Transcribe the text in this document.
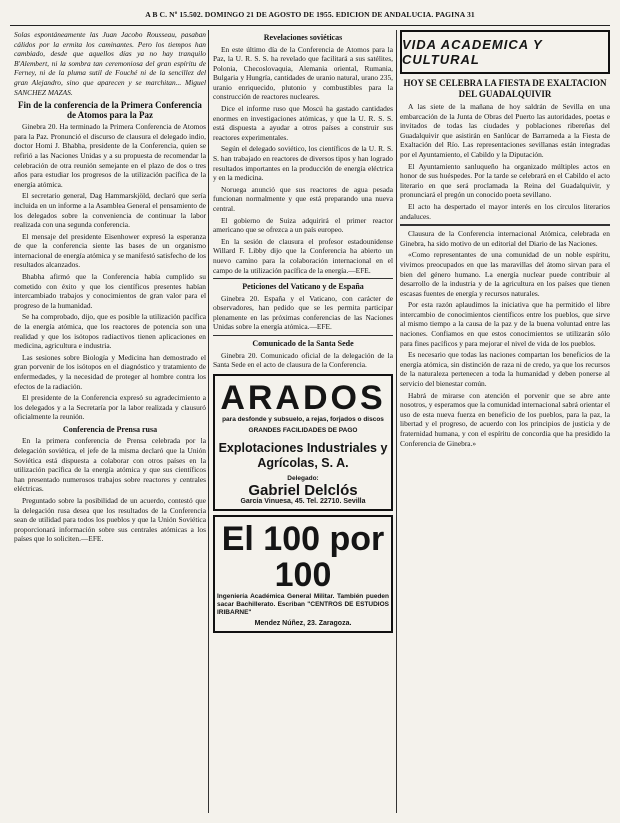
A B C. Nº 15.502. DOMINGO 21 DE AGOSTO DE 1955. EDICION DE ANDALUCIA. PAGINA 31

Solas espontáneamente las Juan Jacobo Rousseau, pasaban cálidos por la ermita los caminantes. Pero los tiempos han cambiado, desde que aquellos días ya no hay tranquilo B'Alembert, ni la sombra tan ceremoniosa del gran espíritu de Ferney, ni de la pluma sutil de Fouché ni de la sencillez del gran Alejandro, sino que aparecen y se marchitan... Miguel SANCHEZ MAZAS.

Fin de la conferencia de la Primera Conferencia de Atomos para la Paz

Ginebra 20. Ha terminado la Primera Conferencia de Atomos para la Paz. Pronunció el discurso de clausura el delegado indio, doctor Homi J. Bhabha, presidente de la Conferencia, quien se refirió a las Naciones Unidas y a su propuesta de recomendar la celebración de otra reunión semejante en el plazo de dos o tres años para estudiar los progresos de la utilización pacífica de la energía atómica.

El secretario general, Dag Hammarskjöld, declaró que sería incluida en un informe a la Asamblea General el pensamiento de los delegados sobre la conveniencia de continuar la labor realizada con una segunda conferencia.

El mensaje del presidente Eisenhower expresó la esperanza de que la conferencia siente las bases de un organismo internacional de energía atómica y se manifestó satisfecho de los resultados alcanzados.

Bhabha afirmó que la Conferencia había cumplido su cometido con éxito y que los científicos presentes habían intercambiado trabajos y conocimientos de gran valor para el progreso de la humanidad.

Se ha comprobado, dijo, que es posible la utilización pacífica de la energía atómica, que los reactores de potencia son una realidad y que los isótopos radiactivos tienen aplicaciones en medicina, agricultura e industria.

Las sesiones sobre Biología y Medicina han demostrado el gran porvenir de los isótopos en el diagnóstico y tratamiento de enfermedades, y la necesidad de proteger al hombre contra los efectos de la radiación.

El presidente de la Conferencia expresó su agradecimiento a los delegados y a la Secretaría por la labor realizada y clausuró oficialmente la reunión.

Conferencia de Prensa rusa

En la primera conferencia de Prensa celebrada por la delegación soviética, el jefe de la misma declaró que la Unión Soviética está dispuesta a colaborar con otros países en la utilización pacífica de la energía atómica y que sus científicos han presentado numerosos trabajos sobre reactores y centrales eléctricas.

Preguntado sobre la posibilidad de un acuerdo, contestó que la delegación rusa desea que los resultados de la Conferencia sean de utilidad para todos los pueblos y que la Unión Soviética proporcionará información sobre sus centrales atómicas a los países que lo soliciten.—EFE.

Revelaciones soviéticas

En este último día de la Conferencia de Atomos para la Paz, la U. R. S. S. ha revelado que facilitará a sus satélites, Polonia, Checoslovaquia, Alemania oriental, Rumania, Bulgaria y Hungría, cantidades de uranio natural, urano 235, uranio enriquecido, plutonio y combustibles para la construcción de reactores nucleares.

Dice el informe ruso que Moscú ha gastado cantidades enormes en investigaciones atómicas, y que la U. R. S. S. está dispuesta a ayudar a otros países a construir sus reactores experimentales.

Según el delegado soviético, los científicos de la U. R. S. S. han trabajado en reactores de diversos tipos y han logrado resultados importantes en la producción de energía eléctrica y en la medicina.

Noruega anunció que sus reactores de agua pesada funcionan normalmente y que está preparando una nueva central.

El gobierno de Suiza adquirirá el primer reactor americano que se ofrezca a un país europeo.

En la sesión de clausura el profesor estadounidense Willard F. Libby dijo que la Conferencia ha abierto un nuevo camino para la colaboración internacional en el campo de la utilización pacífica de la energía.—EFE.

Peticiones del Vaticano y de España

Ginebra 20. España y el Vaticano, con carácter de observadores, han pedido que se les permita participar plenamente en las próximas conferencias de las Naciones Unidas sobre la energía atómica.—EFE.

Comunicado de la Santa Sede

Ginebra 20. Comunicado oficial de la delegación de la Santa Sede en el acto de clausura de la Conferencia.

ARADOS
para desfonde y subsuelo, a rejas, forjados o discos
GRANDES FACILIDADES DE PAGO
Explotaciones Industriales y Agrícolas, S. A.
Delegado:
Gabriel Delclós
García Vinuesa, 45. Tel. 22710. Sevilla
El 100 por 100
Ingeniería Académica General Militar. También pueden sacar Bachillerato. Escriban "CENTROS DE ESTUDIOS IRIBARNE"
Mendez Núñez, 23. Zaragoza.
VIDA ACADEMICA Y CULTURAL
HOY SE CELEBRA LA FIESTA DE EXALTACION DEL GUADALQUIVIR

A las siete de la mañana de hoy saldrán de Sevilla en una embarcación de la Junta de Obras del Puerto las autoridades, poetas e invitados de todas las ciudades y poblaciones ribereñas del Guadalquivir que asistirán en Sanlúcar de Barrameda a la Fiesta de Exaltación del Río. Las representaciones sevillanas están integradas por el Ayuntamiento, el Cabildo y la Diputación.

El Ayuntamiento sanluqueño ha organizado múltiples actos en honor de sus huéspedes. Por la tarde se celebrará en el Cabildo el acto literario en que será proclamada la Reina del Guadalquivir, y pronunciará el pregón un conocido poeta sevillano.

El acto ha despertado el mayor interés en los círculos literarios andaluces.

Clausura de la Conferencia internacional Atómica, celebrada en Ginebra, ha sido motivo de un editorial del Diario de las Naciones.

«Como representantes de una comunidad de un noble espíritu, vivimos preocupados en que las maravillas del átomo sirvan para el bien del género humano. La energía nuclear puede contribuir al desarrollo de la industria y de la agricultura en los países que tienen escasas fuentes de energía y recursos naturales.

Por esta razón aplaudimos la iniciativa que ha permitido el libre intercambio de conocimientos científicos entre los pueblos, que sirve al mismo tiempo a la causa de la paz y de la buena voluntad entre las naciones. Confiamos en que estos conocimientos se utilizarán sólo para fines pacíficos y para mejorar el nivel de vida de los pueblos.

Es necesario que todas las naciones compartan los beneficios de la energía atómica, sin distinción de raza ni de credo, ya que los recursos de la naturaleza pertenecen a toda la humanidad y deben ponerse al servicio del bienestar común.

Habrá de mirarse con atención el porvenir que se abre ante nosotros, y esperamos que la comunidad internacional sabrá orientar el uso de esta nueva fuerza en beneficio de los pueblos, para la paz, la libertad y el progreso, de acuerdo con los principios de justicia y de fraternidad humana, y con el espíritu de concordia que ha presidido la Conferencia de Ginebra.»
